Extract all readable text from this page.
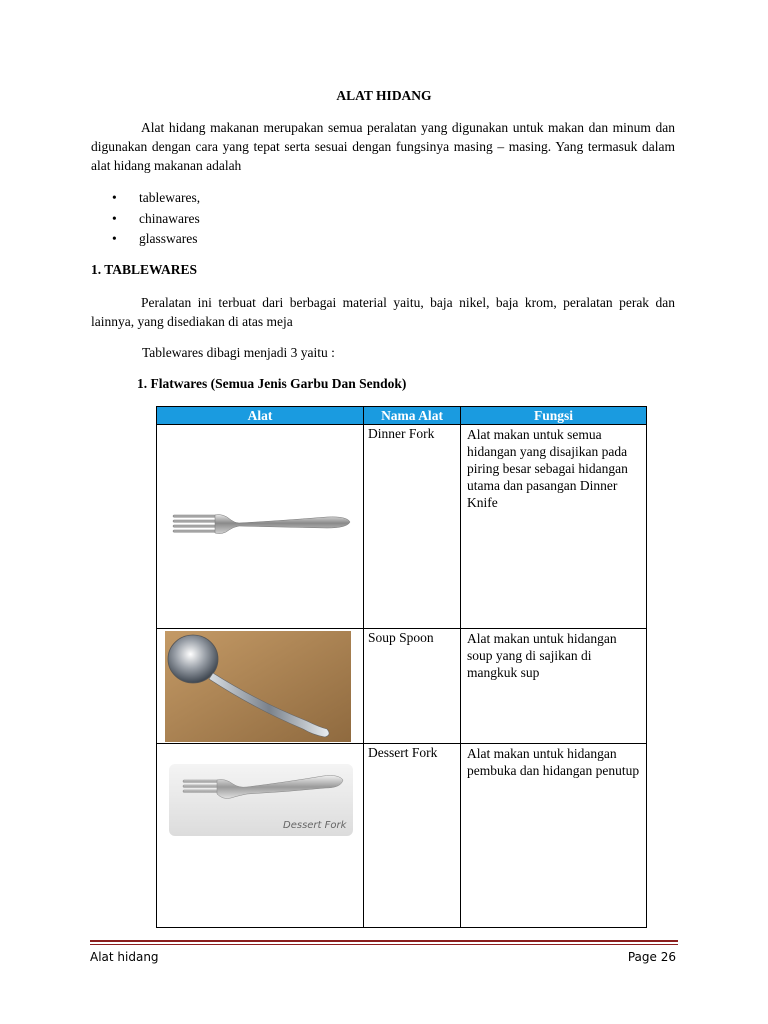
ALAT HIDANG

Alat hidang makanan merupakan semua peralatan yang digunakan untuk makan dan minum dan digunakan dengan cara yang tepat serta sesuai dengan fungsinya masing – masing. Yang termasuk dalam alat hidang makanan adalah

• tablewares,
• chinawares
• glasswares
1. TABLEWARES

Peralatan ini terbuat dari berbagai material yaitu, baja nikel, baja krom, peralatan perak dan lainnya, yang disediakan di atas meja

Tablewares dibagi menjadi 3 yaitu :
1. Flatwares (Semua Jenis Garbu Dan Sendok)
Alat	Nama Alat	Fungsi

	Dinner Fork	Alat makan untuk semua hidangan yang disajikan pada piring besar sebagai hidangan utama dan pasangan Dinner Knife

	Soup Spoon	Alat makan untuk hidangan soup yang di sajikan di mangkuk sup

Dessert Fork	Dessert Fork	Alat makan untuk hidangan pembuka dan hidangan penutup
Alat hidang	Page 26
